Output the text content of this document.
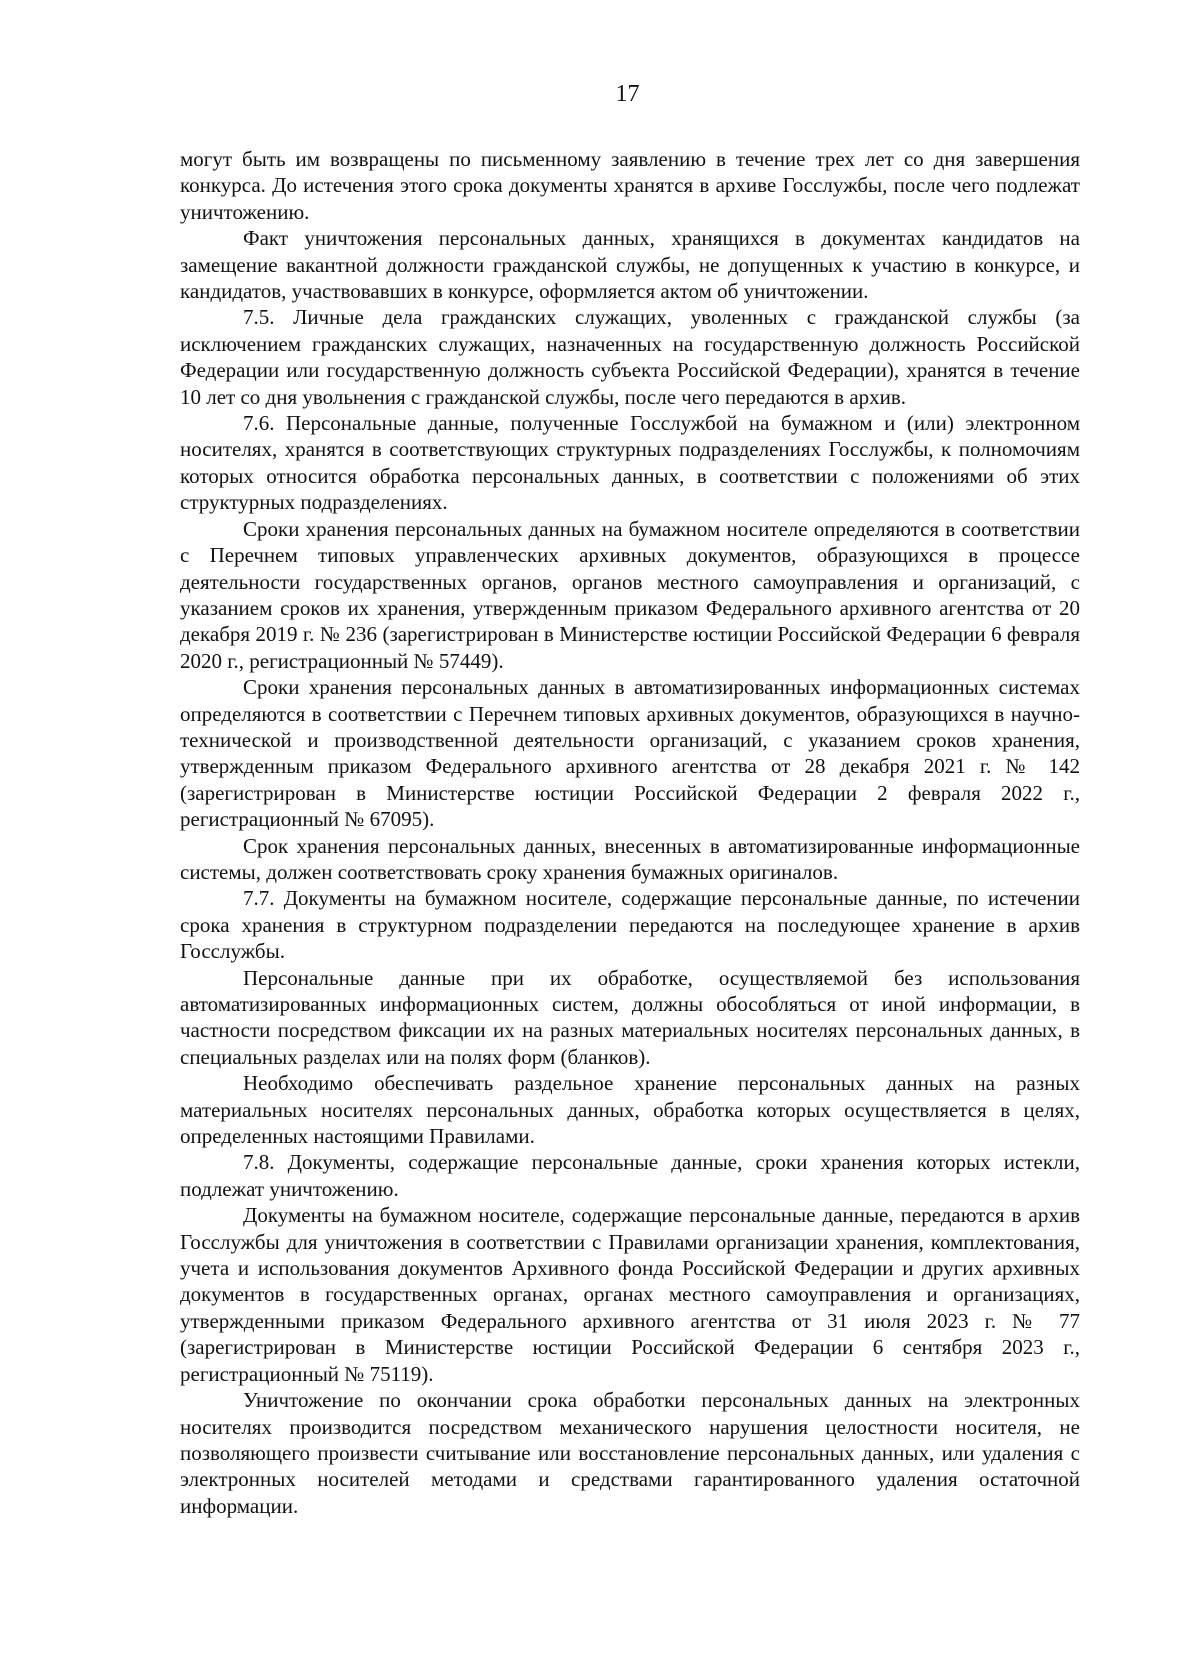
17

могут быть им возвращены по письменному заявлению в течение трех лет со дня завершения конкурса. До истечения этого срока документы хранятся в архиве Госслужбы, после чего подлежат уничтожению.

Факт уничтожения персональных данных, хранящихся в документах кандидатов на замещение вакантной должности гражданской службы, не допущенных к участию в конкурсе, и кандидатов, участвовавших в конкурсе, оформляется актом об уничтожении.

7.5. Личные дела гражданских служащих, уволенных с гражданской службы (за исключением гражданских служащих, назначенных на государственную должность Российской Федерации или государственную должность субъекта Российской Федерации), хранятся в течение 10 лет со дня увольнения с гражданской службы, после чего передаются в архив.

7.6. Персональные данные, полученные Госслужбой на бумажном и (или) электронном носителях, хранятся в соответствующих структурных подразделениях Госслужбы, к полномочиям которых относится обработка персональных данных, в соответствии с положениями об этих структурных подразделениях.

Сроки хранения персональных данных на бумажном носителе определяются в соответствии с Перечнем типовых управленческих архивных документов, образующихся в процессе деятельности государственных органов, органов местного самоуправления и организаций, с указанием сроков их хранения, утвержденным приказом Федерального архивного агентства от 20 декабря 2019 г. № 236 (зарегистрирован в Министерстве юстиции Российской Федерации 6 февраля 2020 г., регистрационный № 57449).

Сроки хранения персональных данных в автоматизированных информационных системах определяются в соответствии с Перечнем типовых архивных документов, образующихся в научно-технической и производственной деятельности организаций, с указанием сроков хранения, утвержденным приказом Федерального архивного агентства от 28 декабря 2021 г. № 142 (зарегистрирован в Министерстве юстиции Российской Федерации 2 февраля 2022 г., регистрационный № 67095).

Срок хранения персональных данных, внесенных в автоматизированные информационные системы, должен соответствовать сроку хранения бумажных оригиналов.

7.7. Документы на бумажном носителе, содержащие персональные данные, по истечении срока хранения в структурном подразделении передаются на последующее хранение в архив Госслужбы.

Персональные данные при их обработке, осуществляемой без использования автоматизированных информационных систем, должны обособляться от иной информации, в частности посредством фиксации их на разных материальных носителях персональных данных, в специальных разделах или на полях форм (бланков).

Необходимо обеспечивать раздельное хранение персональных данных на разных материальных носителях персональных данных, обработка которых осуществляется в целях, определенных настоящими Правилами.

7.8. Документы, содержащие персональные данные, сроки хранения которых истекли, подлежат уничтожению.

Документы на бумажном носителе, содержащие персональные данные, передаются в архив Госслужбы для уничтожения в соответствии с Правилами организации хранения, комплектования, учета и использования документов Архивного фонда Российской Федерации и других архивных документов в государственных органах, органах местного самоуправления и организациях, утвержденными приказом Федерального архивного агентства от 31 июля 2023 г. № 77 (зарегистрирован в Министерстве юстиции Российской Федерации 6 сентября 2023 г., регистрационный № 75119).

Уничтожение по окончании срока обработки персональных данных на электронных носителях производится посредством механического нарушения целостности носителя, не позволяющего произвести считывание или восстановление персональных данных, или удаления с электронных носителей методами и средствами гарантированного удаления остаточной информации.
